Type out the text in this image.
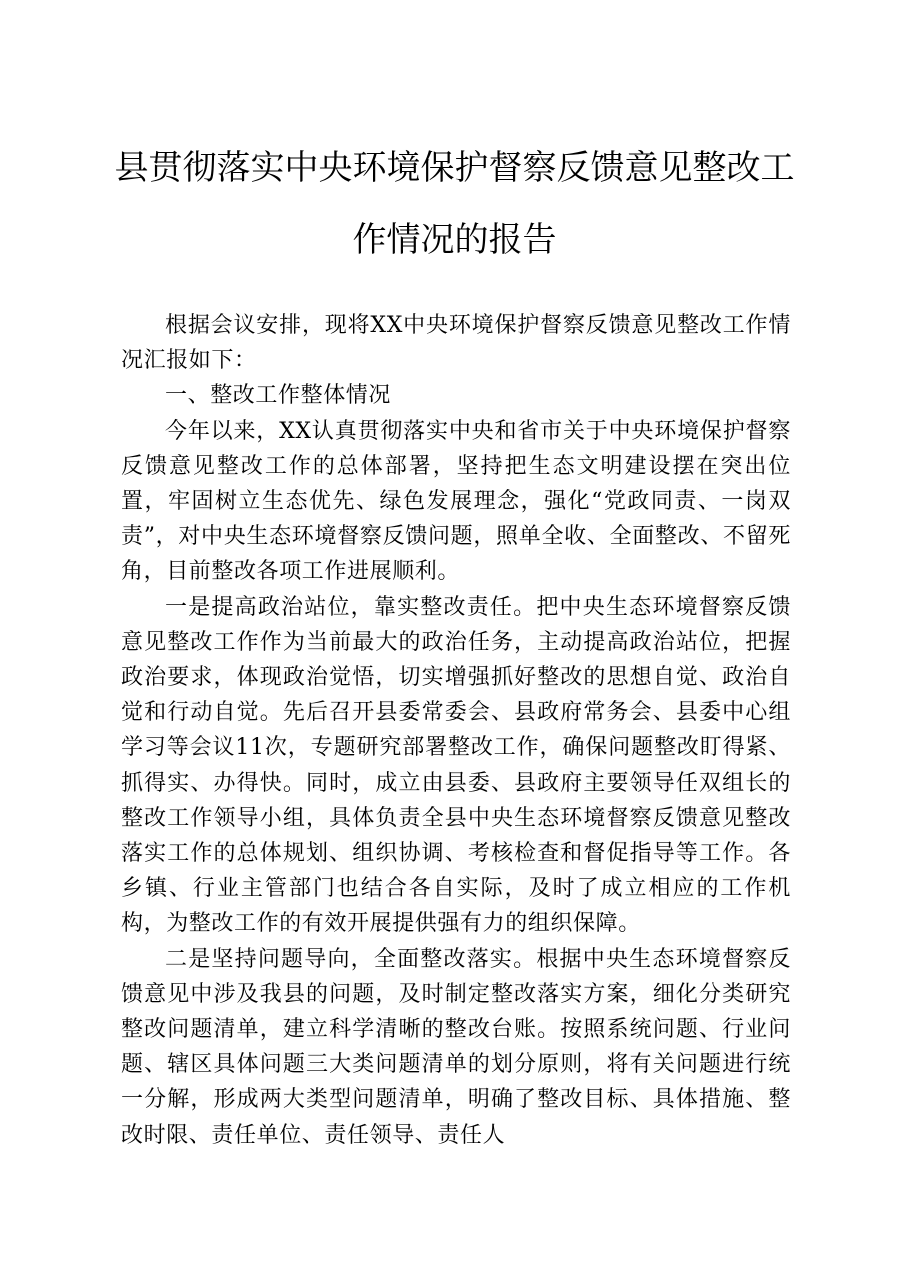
县贯彻落实中央环境保护督察反馈意见整改工
作情况的报告

根据会议安排，现将XX中央环境保护督察反馈意见整改工作情况汇报如下：

一、整改工作整体情况

今年以来，XX认真贯彻落实中央和省市关于中央环境保护督察反馈意见整改工作的总体部署，坚持把生态文明建设摆在突出位置，牢固树立生态优先、绿色发展理念，强化“党政同责、一岗双责”，对中央生态环境督察反馈问题，照单全收、全面整改、不留死角，目前整改各项工作进展顺利。

一是提高政治站位，靠实整改责任。把中央生态环境督察反馈意见整改工作作为当前最大的政治任务，主动提高政治站位，把握政治要求，体现政治觉悟，切实增强抓好整改的思想自觉、政治自觉和行动自觉。先后召开县委常委会、县政府常务会、县委中心组学习等会议11次，专题研究部署整改工作，确保问题整改盯得紧、抓得实、办得快。同时，成立由县委、县政府主要领导任双组长的整改工作领导小组，具体负责全县中央生态环境督察反馈意见整改落实工作的总体规划、组织协调、考核检查和督促指导等工作。各乡镇、行业主管部门也结合各自实际，及时了成立相应的工作机构，为整改工作的有效开展提供强有力的组织保障。

二是坚持问题导向，全面整改落实。根据中央生态环境督察反馈意见中涉及我县的问题，及时制定整改落实方案，细化分类研究整改问题清单，建立科学清晰的整改台账。按照系统问题、行业问题、辖区具体问题三大类问题清单的划分原则，将有关问题进行统一分解，形成两大类型问题清单，明确了整改目标、具体措施、整改时限、责任单位、责任领导、责任人
